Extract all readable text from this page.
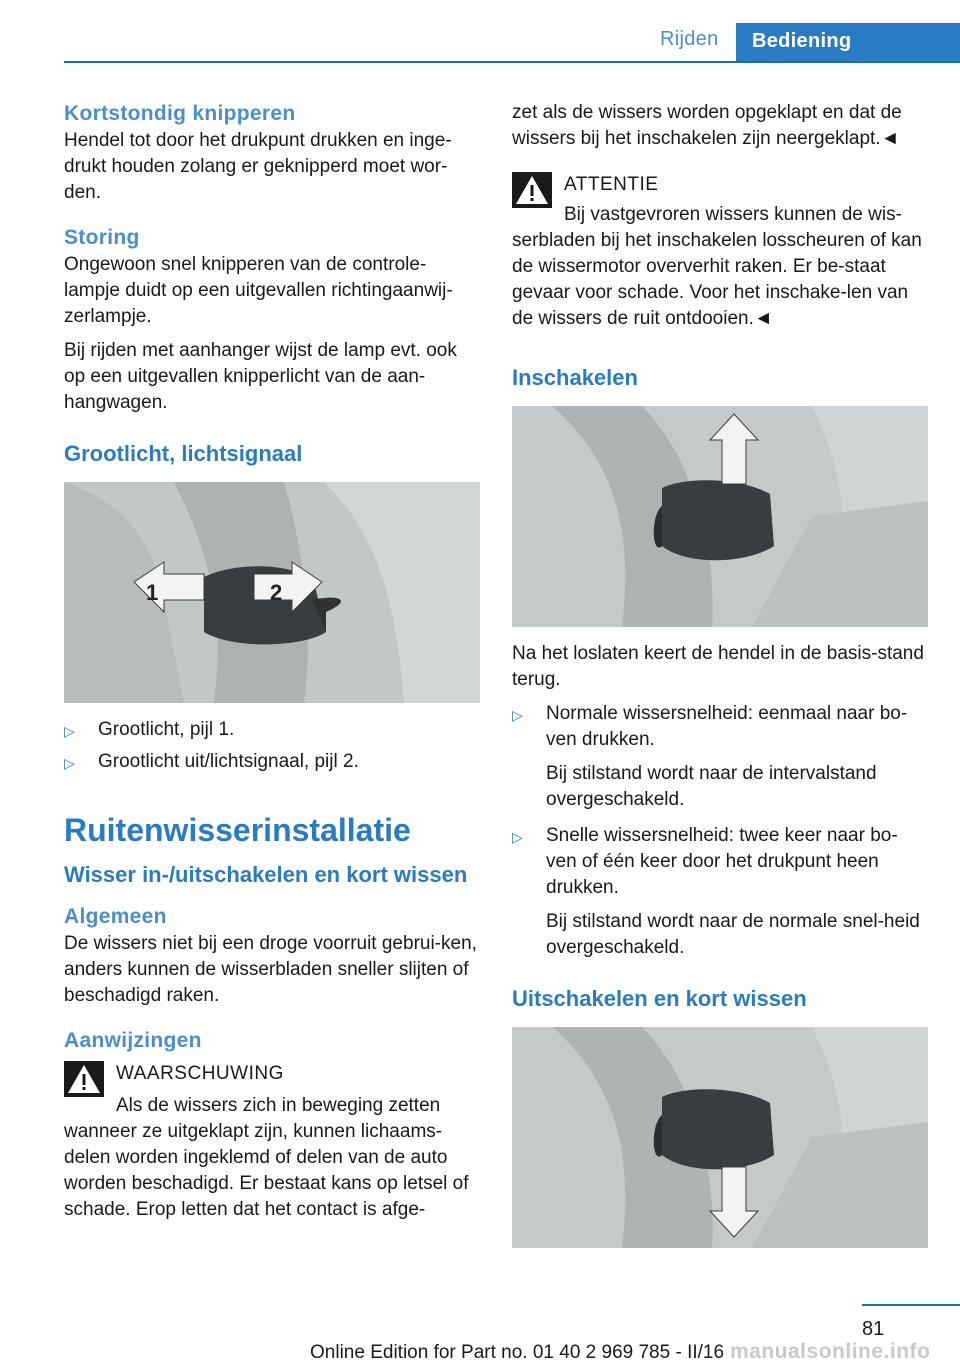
Rijden	Bediening
Kortstondig knipperen

Hendel tot door het drukpunt drukken en inge-drukt houden zolang er geknipperd moet wor-den.

Storing

Ongewoon snel knipperen van de controle-lampje duidt op een uitgevallen richtingaanwij-zerlampje.

Bij rijden met aanhanger wijst de lamp evt. ook op een uitgevallen knipperlicht van de aan-hangwagen.

Grootlicht, lichtsignaal
1	2
▷ Grootlicht, pijl 1.
▷ Grootlicht uit/lichtsignaal, pijl 2.
Ruitenwisserinstallatie
Wisser in-/uitschakelen en kort wissen
Algemeen

De wissers niet bij een droge voorruit gebrui-ken, anders kunnen de wisserbladen sneller slijten of beschadigd raken.

Aanwijzingen
WAARSCHUWING

Als de wissers zich in beweging zetten

wanneer ze uitgeklapt zijn, kunnen lichaams-delen worden ingeklemd of delen van de auto worden beschadigd. Er bestaat kans op letsel of schade. Erop letten dat het contact is afge-

zet als de wissers worden opgeklapt en dat de wissers bij het inschakelen zijn neergeklapt.◄

ATTENTIE

Bij vastgevroren wissers kunnen de wis-

serbladen bij het inschakelen losscheuren of kan de wissermotor oververhit raken. Er be-staat gevaar voor schade. Voor het inschake-len van de wissers de ruit ontdooien.◄

Inschakelen

Na het loslaten keert de hendel in de basis-stand terug.

▷ Normale wissersnelheid: eenmaal naar bo-ven drukken.

Bij stilstand wordt naar de intervalstand overgeschakeld.

▷ Snelle wissersnelheid: twee keer naar bo-ven of één keer door het drukpunt heen drukken.

Bij stilstand wordt naar de normale snel-heid overgeschakeld.

Uitschakelen en kort wissen
81
manualsonline.info
Online Edition for Part no. 01 40 2 969 785 - II/16
